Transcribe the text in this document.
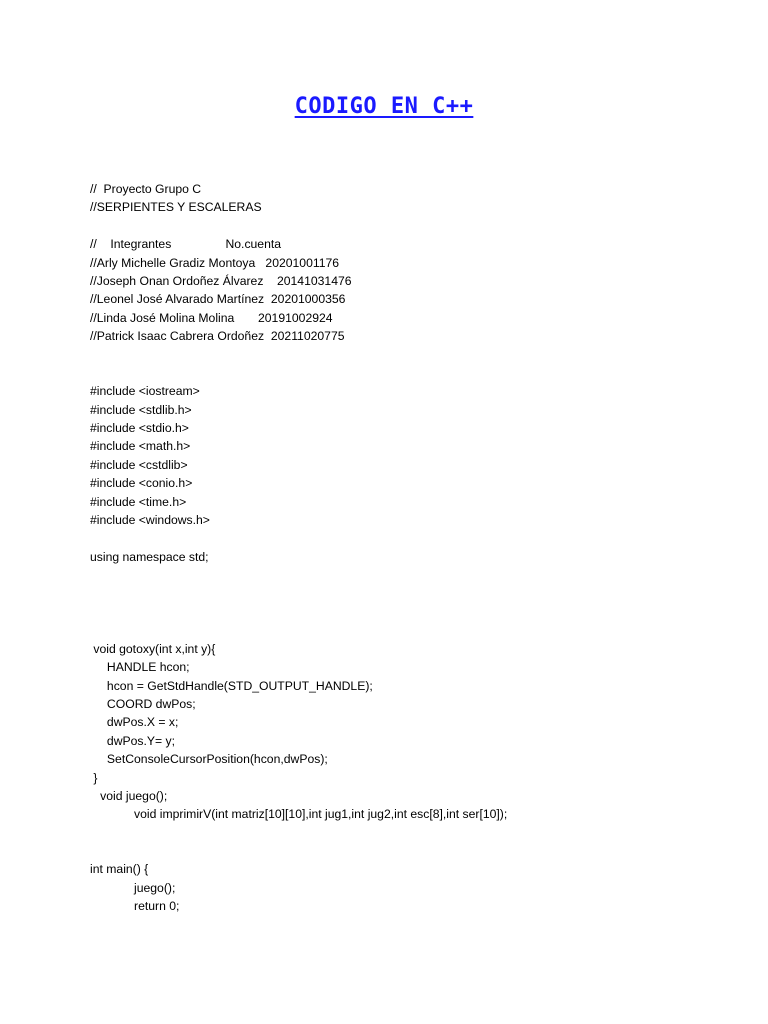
CODIGO EN C++
//  Proyecto Grupo C
//SERPIENTES Y ESCALERAS

//    Integrantes                No.cuenta
//Arly Michelle Gradiz Montoya   20201001176
//Joseph Onan Ordoñez Álvarez    20141031476
//Leonel José Alvarado Martínez  20201000356
//Linda José Molina Molina       20191002924
//Patrick Isaac Cabrera Ordoñez  20211020775

#include <iostream>
#include <stdlib.h>
#include <stdio.h>
#include <math.h>
#include <cstdlib>
#include <conio.h>
#include <time.h>
#include <windows.h>

using namespace std;

void gotoxy(int x,int y){
HANDLE hcon;
hcon = GetStdHandle(STD_OUTPUT_HANDLE);
COORD dwPos;
dwPos.X = x;
dwPos.Y= y;
SetConsoleCursorPosition(hcon,dwPos);
}
void juego();
void imprimirV(int matriz[10][10],int jug1,int jug2,int esc[8],int ser[10]);

int main() {
juego();
return 0;
